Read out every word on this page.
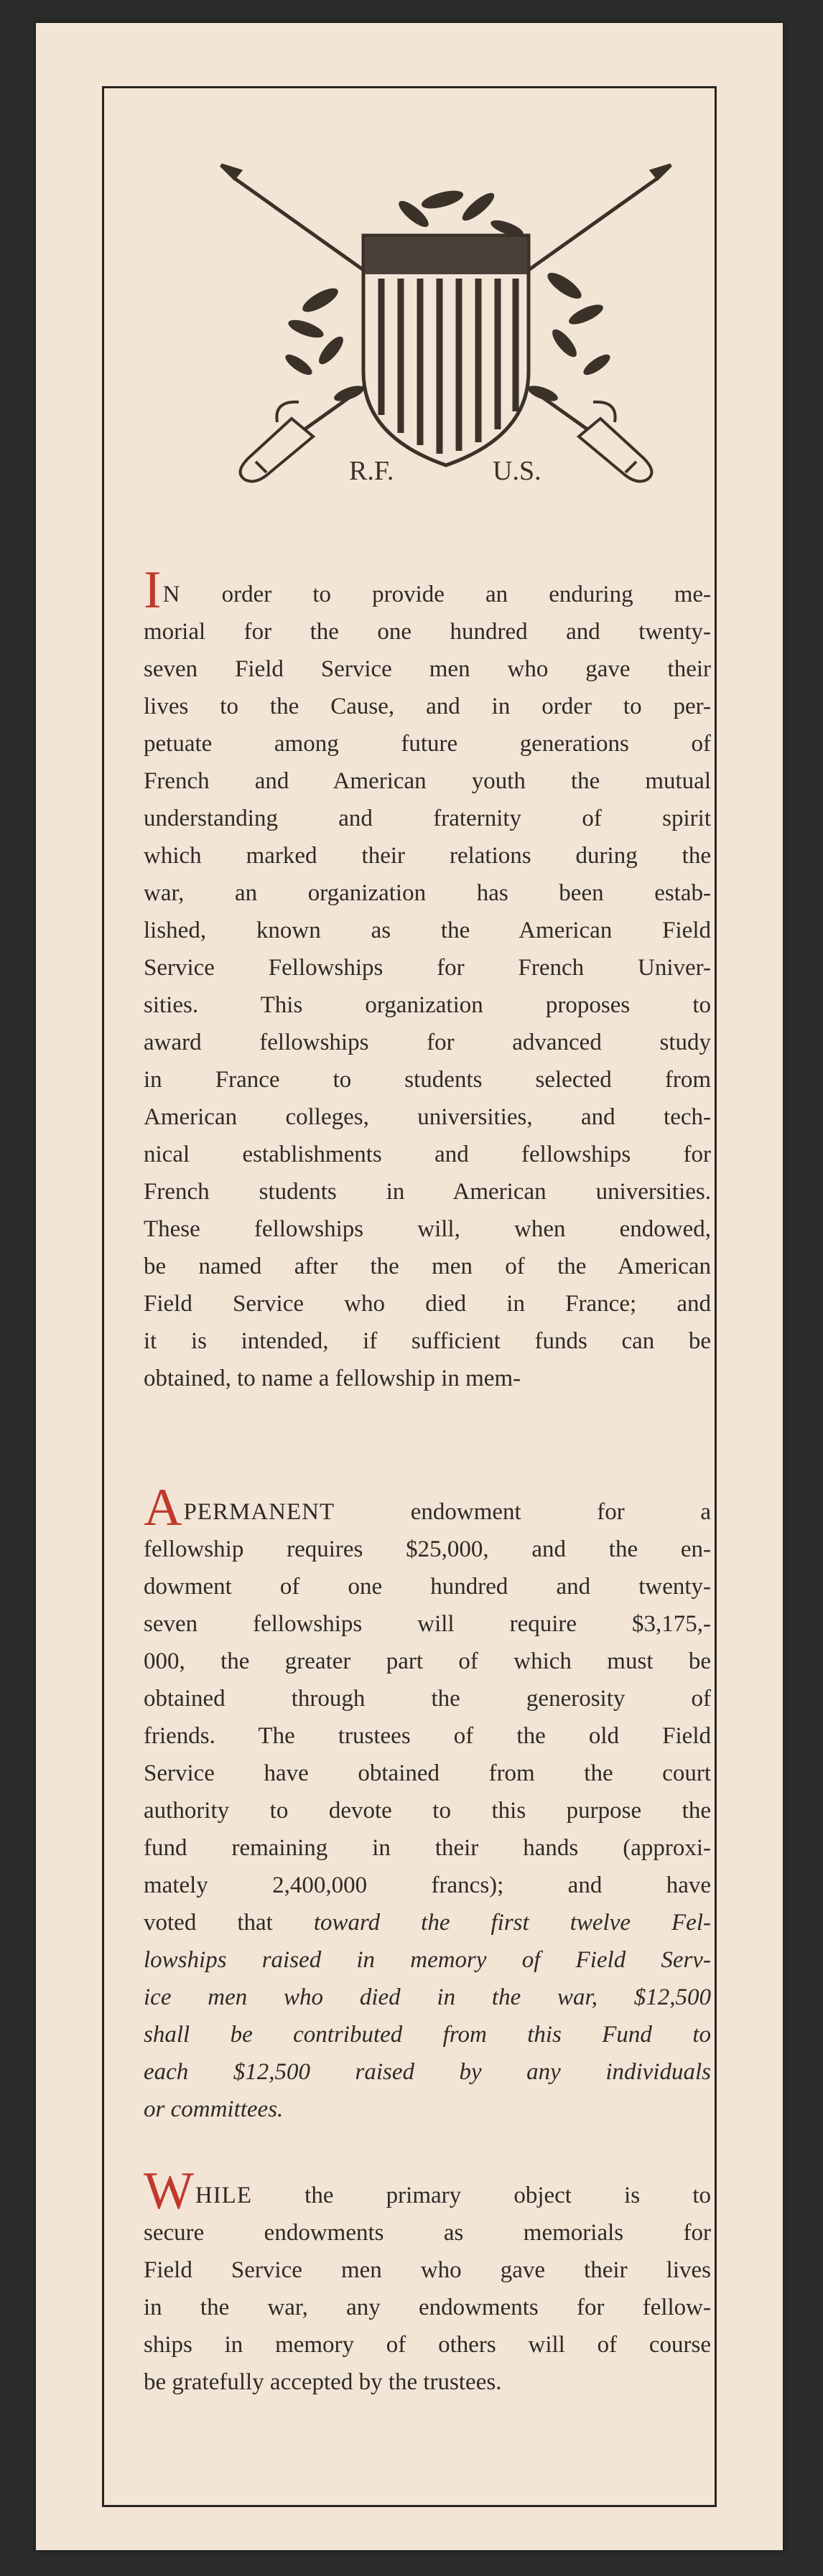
R.F.	U.S.
IN order to provide an enduring me-
morial for the one hundred and twenty-
seven Field Service men who gave their
lives to the Cause, and in order to per-
petuate among future generations of
French and American youth the mutual
understanding and fraternity of spirit
which marked their relations during the
war, an organization has been estab-
lished, known as the American Field
Service Fellowships for French Univer-
sities. This organization proposes to
award fellowships for advanced study
in France to students selected from
American colleges, universities, and tech-
nical establishments and fellowships for
French students in American universities.
These fellowships will, when endowed,
be named after the men of the American
Field Service who died in France; and
it is intended, if sufficient funds can be
obtained, to name a fellowship in mem-
APERMANENT endowment for a
fellowship requires $25,000, and the en-
dowment of one hundred and twenty-
seven fellowships will require $3,175,-
000, the greater part of which must be
obtained through the generosity of
friends. The trustees of the old Field
Service have obtained from the court
authority to devote to this purpose the
fund remaining in their hands (approxi-
mately 2,400,000 francs); and have
voted that toward the first twelve Fel-
lowships raised in memory of Field Serv-
ice men who died in the war, $12,500
shall be contributed from this Fund to
each $12,500 raised by any individuals
or committees.
WHILE the primary object is to
secure endowments as memorials for
Field Service men who gave their lives
in the war, any endowments for fellow-
ships in memory of others will of course
be gratefully accepted by the trustees.
